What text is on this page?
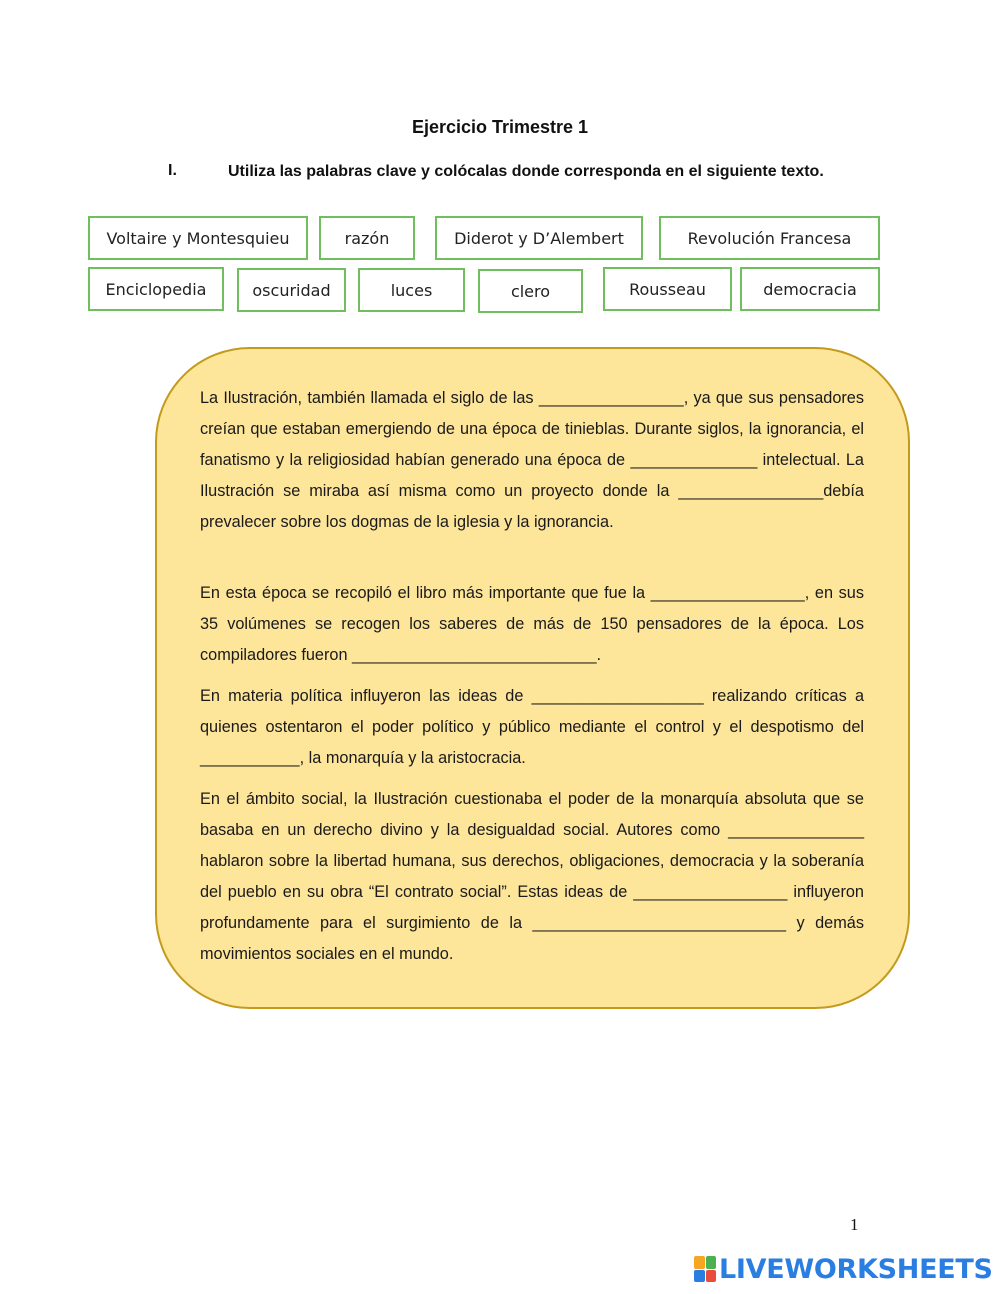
Ejercicio Trimestre 1
I.	Utiliza las palabras clave y colócalas donde corresponda en el siguiente texto.
Voltaire y Montesquieu	razón	Diderot y D’Alembert	Revolución Francesa
Enciclopedia	oscuridad	luces	clero	Rousseau	democracia

La Ilustración, también llamada el siglo de las ________________, ya que sus pensadores creían que estaban emergiendo de una época de tinieblas. Durante siglos, la ignorancia, el fanatismo y la religiosidad habían generado una época de ______________ intelectual. La Ilustración se miraba así misma como un proyecto donde la ________________debía prevalecer sobre los dogmas de la iglesia y la ignorancia.

En esta época se recopiló el libro más importante que fue la _________________, en sus 35 volúmenes se recogen los saberes de más de 150 pensadores de la época. Los compiladores fueron ___________________________.

En materia política influyeron las ideas de ___________________ realizando críticas a quienes ostentaron el poder político y público mediante el control y el despotismo del ___________, la monarquía y la aristocracia.

En el ámbito social, la Ilustración cuestionaba el poder de la monarquía absoluta que se basaba en un derecho divino y la desigualdad social. Autores como _______________ hablaron sobre la libertad humana, sus derechos, obligaciones, democracia y la soberanía del pueblo en su obra “El contrato social”. Estas ideas de _________________ influyeron profundamente para el surgimiento de la ____________________________ y demás movimientos sociales en el mundo.

1
LIVEWORKSHEETS
